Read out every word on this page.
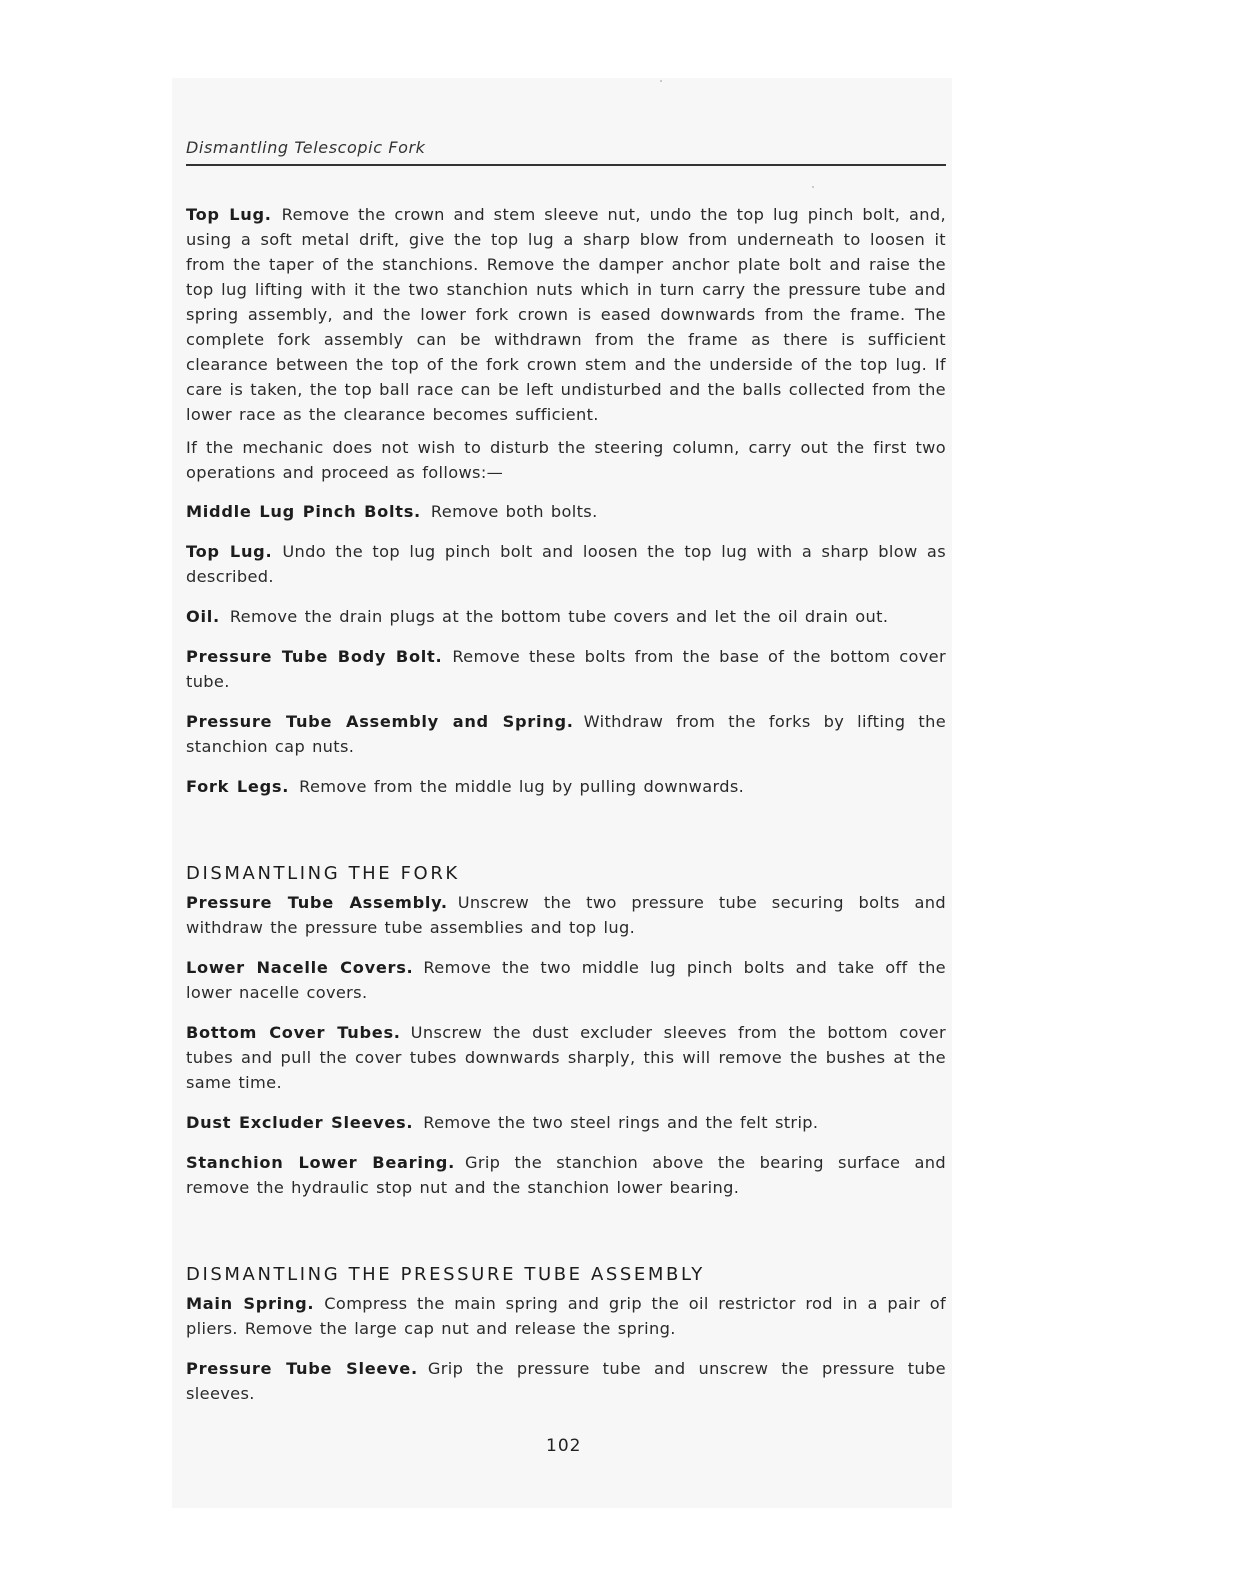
Dismantling Telescopic Fork

Top Lug. Remove the crown and stem sleeve nut, undo the top lug pinch bolt, and, using a soft metal drift, give the top lug a sharp blow from underneath to loosen it from the taper of the stanchions. Remove the damper anchor plate bolt and raise the top lug lifting with it the two stanchion nuts which in turn carry the pressure tube and spring assembly, and the lower fork crown is eased downwards from the frame. The complete fork assembly can be withdrawn from the frame as there is sufficient clearance between the top of the fork crown stem and the underside of the top lug. If care is taken, the top ball race can be left undisturbed and the balls collected from the lower race as the clearance becomes sufficient.

If the mechanic does not wish to disturb the steering column, carry out the first two operations and proceed as follows:—

Middle Lug Pinch Bolts. Remove both bolts.

Top Lug. Undo the top lug pinch bolt and loosen the top lug with a sharp blow as described.

Oil. Remove the drain plugs at the bottom tube covers and let the oil drain out.

Pressure Tube Body Bolt. Remove these bolts from the base of the bottom cover tube.

Pressure Tube Assembly and Spring. Withdraw from the forks by lifting the stanchion cap nuts.

Fork Legs. Remove from the middle lug by pulling downwards.

DISMANTLING THE FORK

Pressure Tube Assembly. Unscrew the two pressure tube securing bolts and withdraw the pressure tube assemblies and top lug.

Lower Nacelle Covers. Remove the two middle lug pinch bolts and take off the lower nacelle covers.

Bottom Cover Tubes. Unscrew the dust excluder sleeves from the bottom cover tubes and pull the cover tubes downwards sharply, this will remove the bushes at the same time.

Dust Excluder Sleeves. Remove the two steel rings and the felt strip.

Stanchion Lower Bearing. Grip the stanchion above the bearing surface and remove the hydraulic stop nut and the stanchion lower bearing.

DISMANTLING THE PRESSURE TUBE ASSEMBLY

Main Spring. Compress the main spring and grip the oil restrictor rod in a pair of pliers. Remove the large cap nut and release the spring.

Pressure Tube Sleeve. Grip the pressure tube and unscrew the pressure tube sleeves.

102
